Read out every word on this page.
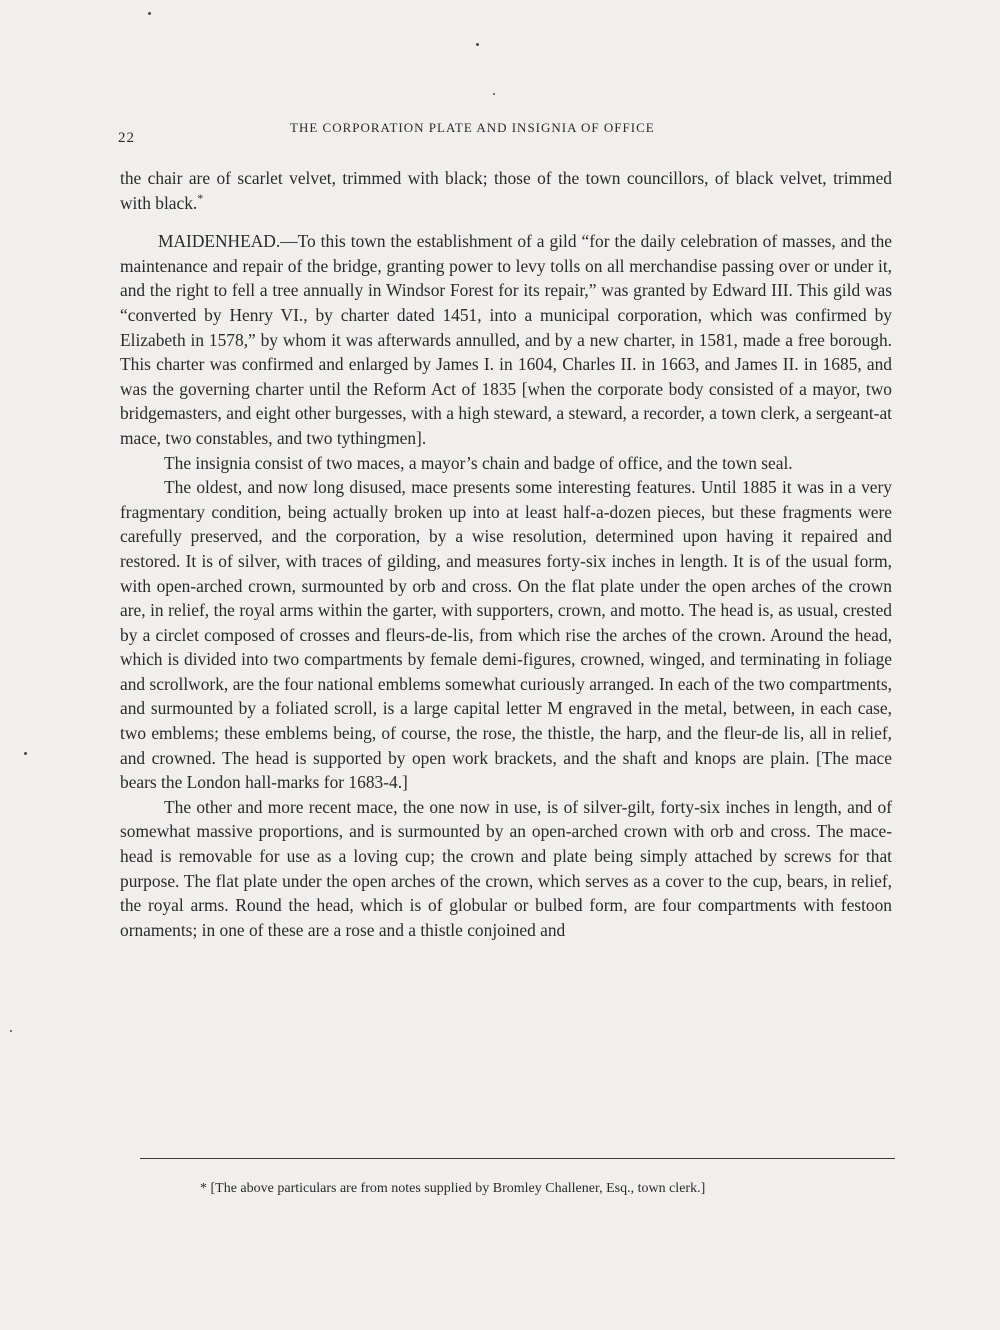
22
THE CORPORATION PLATE AND INSIGNIA OF OFFICE

the chair are of scarlet velvet, trimmed with black; those of the town councillors, of black velvet, trimmed with black.*

MAIDENHEAD.—To this town the establishment of a gild “for the daily celebration of masses, and the maintenance and repair of the bridge, granting power to levy tolls on all merchandise passing over or under it, and the right to fell a tree annually in Windsor Forest for its repair,” was granted by Edward III. This gild was “converted by Henry VI., by charter dated 1451, into a municipal corporation, which was confirmed by Elizabeth in 1578,” by whom it was afterwards annulled, and by a new charter, in 1581, made a free borough. This charter was confirmed and enlarged by James I. in 1604, Charles II. in 1663, and James II. in 1685, and was the governing charter until the Reform Act of 1835 [when the corporate body consisted of a mayor, two bridgemasters, and eight other burgesses, with a high steward, a steward, a recorder, a town clerk, a sergeant-at mace, two constables, and two tythingmen].

The insignia consist of two maces, a mayor’s chain and badge of office, and the town seal.

The oldest, and now long disused, mace presents some interesting features. Until 1885 it was in a very fragmentary condition, being actually broken up into at least half-a-dozen pieces, but these fragments were carefully preserved, and the corporation, by a wise resolution, determined upon having it repaired and restored. It is of silver, with traces of gilding, and measures forty-six inches in length. It is of the usual form, with open-arched crown, surmounted by orb and cross. On the flat plate under the open arches of the crown are, in relief, the royal arms within the garter, with supporters, crown, and motto. The head is, as usual, crested by a circlet composed of crosses and fleurs-de-lis, from which rise the arches of the crown. Around the head, which is divided into two compartments by female demi-figures, crowned, winged, and terminating in foliage and scrollwork, are the four national emblems somewhat curiously arranged. In each of the two compartments, and surmounted by a foliated scroll, is a large capital letter M engraved in the metal, between, in each case, two emblems; these emblems being, of course, the rose, the thistle, the harp, and the fleur-de lis, all in relief, and crowned. The head is supported by open work brackets, and the shaft and knops are plain. [The mace bears the London hall-marks for 1683-4.]

The other and more recent mace, the one now in use, is of silver-gilt, forty-six inches in length, and of somewhat massive proportions, and is surmounted by an open-arched crown with orb and cross. The mace-head is removable for use as a loving cup; the crown and plate being simply attached by screws for that purpose. The flat plate under the open arches of the crown, which serves as a cover to the cup, bears, in relief, the royal arms. Round the head, which is of globular or bulbed form, are four compartments with festoon ornaments; in one of these are a rose and a thistle conjoined and

* [The above particulars are from notes supplied by Bromley Challener, Esq., town clerk.]
